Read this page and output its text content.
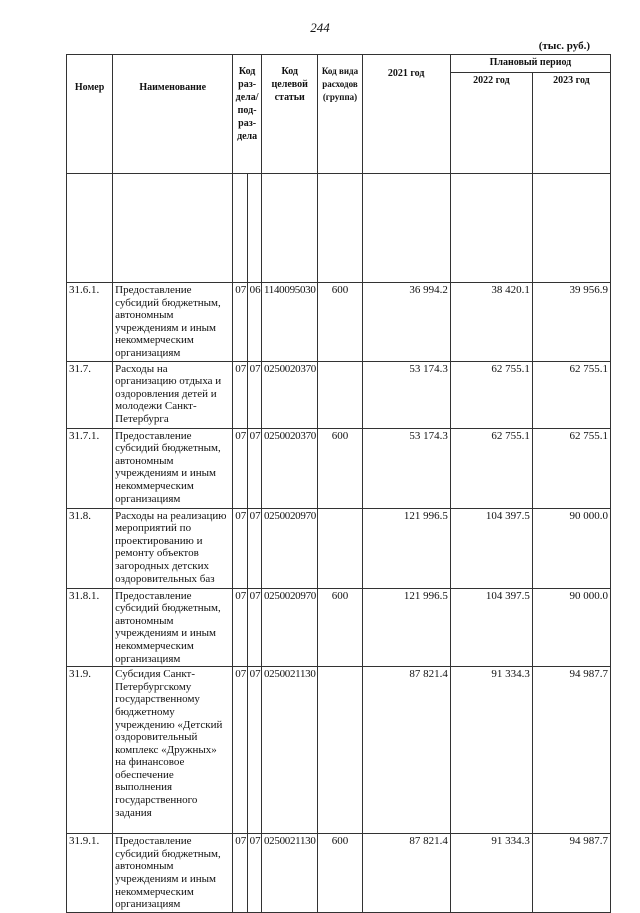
244
(тыс. руб.)
Номер	Наименование	Код раз-дела/ под-раз-дела		Код целевой статьи	Код вида расходов (группа)	2021 год	Плановый период	
							2022 год	2023 год

31.6.1.	Предоставление субсидий бюджетным, автономным учреждениям и иным некоммерческим организациям	07	06	1140095030	600	36 994.2	38 420.1	39 956.9
31.7.	Расходы на организацию отдыха и оздоровления детей и молодежи Санкт-Петербурга	07	07	0250020370		53 174.3	62 755.1	62 755.1
31.7.1.	Предоставление субсидий бюджетным, автономным учреждениям и иным некоммерческим организациям	07	07	0250020370	600	53 174.3	62 755.1	62 755.1
31.8.	Расходы на реализацию мероприятий по проектированию и ремонту объектов загородных детских оздоровительных баз	07	07	0250020970		121 996.5	104 397.5	90 000.0
31.8.1.	Предоставление субсидий бюджетным, автономным учреждениям и иным некоммерческим организациям	07	07	0250020970	600	121 996.5	104 397.5	90 000.0
31.9.	Субсидия Санкт-Петербургскому государственному бюджетному учреждению «Детский оздоровительный комплекс «Дружных» на финансовое обеспечение выполнения государственного задания	07	07	0250021130		87 821.4	91 334.3	94 987.7
31.9.1.	Предоставление субсидий бюджетным, автономным учреждениям и иным некоммерческим организациям	07	07	0250021130	600	87 821.4	91 334.3	94 987.7
